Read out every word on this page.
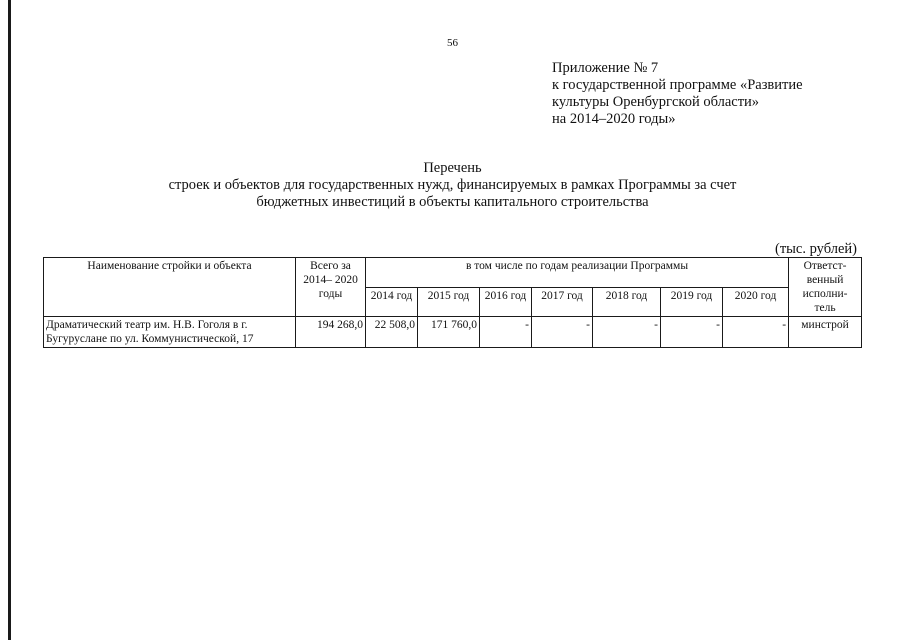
56
Приложение № 7
к государственной программе «Развитие
культуры Оренбургской области»
на 2014–2020 годы»
Перечень
строек и объектов для государственных нужд, финансируемых в рамках Программы за счет
бюджетных инвестиций в объекты капитального строительства
(тыс. рублей)
Наименование стройки и объекта	Всего за 2014– 2020 годы	в том числе по годам реализации Программы							Ответст- венный исполни- тель
		2014 год	2015 год	2016 год	2017 год	2018 год	2019 год	2020 год	
Драматический театр им. Н.В. Гоголя в г. Бугуруслане по ул. Коммунистической, 17	194 268,0	22 508,0	171 760,0	-	-	-	-	-	минстрой
